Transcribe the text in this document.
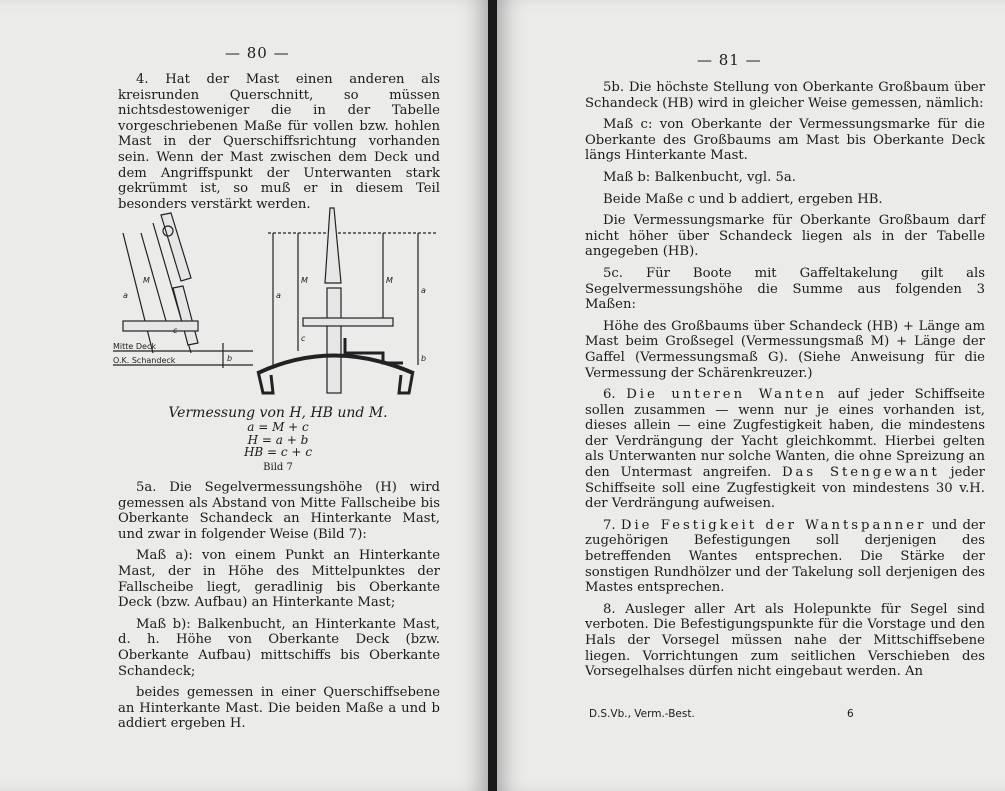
— 80 —

4. Hat der Mast einen anderen als kreisrunden Querschnitt, so müssen nichtsdestoweniger die in der Tabelle vorgeschriebenen Maße für vollen bzw. hohlen Mast in der Querschiffsrichtung vorhanden sein. Wenn der Mast zwischen dem Deck und dem Angriffspunkt der Unterwanten stark gekrümmt ist, so muß er in diesem Teil besonders verstärkt werden.

a
M
c
a
M
c
M
a
b
b
Mitte Deck
O.K. Schandeck
Vermessung von H, HB und M.
a = M + c
H = a + b
HB = c + c
Bild 7

5a. Die Segelvermessungshöhe (H) wird gemessen als Abstand von Mitte Fallscheibe bis Oberkante Schandeck an Hinterkante Mast, und zwar in folgender Weise (Bild 7):

Maß a): von einem Punkt an Hinterkante Mast, der in Höhe des Mittelpunktes der Fallscheibe liegt, geradlinig bis Oberkante Deck (bzw. Aufbau) an Hinterkante Mast;

Maß b): Balkenbucht, an Hinterkante Mast, d. h. Höhe von Oberkante Deck (bzw. Oberkante Aufbau) mittschiffs bis Oberkante Schandeck;

beides gemessen in einer Querschiffsebene an Hinterkante Mast. Die beiden Maße a und b addiert ergeben H.

— 81 —

5b. Die höchste Stellung von Oberkante Großbaum über Schandeck (HB) wird in gleicher Weise gemessen, nämlich:

Maß c: von Oberkante der Vermessungsmarke für die Oberkante des Großbaums am Mast bis Oberkante Deck längs Hinterkante Mast.

Maß b: Balkenbucht, vgl. 5a.

Beide Maße c und b addiert, ergeben HB.

Die Vermessungsmarke für Oberkante Großbaum darf nicht höher über Schandeck liegen als in der Tabelle angegeben (HB).

5c. Für Boote mit Gaffeltakelung gilt als Segelvermessungshöhe die Summe aus folgenden 3 Maßen:

Höhe des Großbaums über Schandeck (HB) + Länge am Mast beim Großsegel (Vermessungsmaß M) + Länge der Gaffel (Vermessungsmaß G). (Siehe Anweisung für die Vermessung der Schärenkreuzer.)

6. Die unteren Wanten auf jeder Schiffseite sollen zusammen — wenn nur je eines vorhanden ist, dieses allein — eine Zugfestigkeit haben, die mindestens der Verdrängung der Yacht gleichkommt. Hierbei gelten als Unterwanten nur solche Wanten, die ohne Spreizung an den Untermast angreifen. Das Stengewant jeder Schiffseite soll eine Zugfestigkeit von mindestens 30 v.H. der Verdrängung aufweisen.

7. Die Festigkeit der Wantspanner und der zugehörigen Befestigungen soll derjenigen des betreffenden Wantes entsprechen. Die Stärke der sonstigen Rundhölzer und der Takelung soll derjenigen des Mastes entsprechen.

8. Ausleger aller Art als Holepunkte für Segel sind verboten. Die Befestigungspunkte für die Vorstage und den Hals der Vorsegel müssen nahe der Mittschiffsebene liegen. Vorrichtungen zum seitlichen Verschieben des Vorsegelhalses dürfen nicht eingebaut werden. An

D.S.Vb., Verm.-Best.	6
